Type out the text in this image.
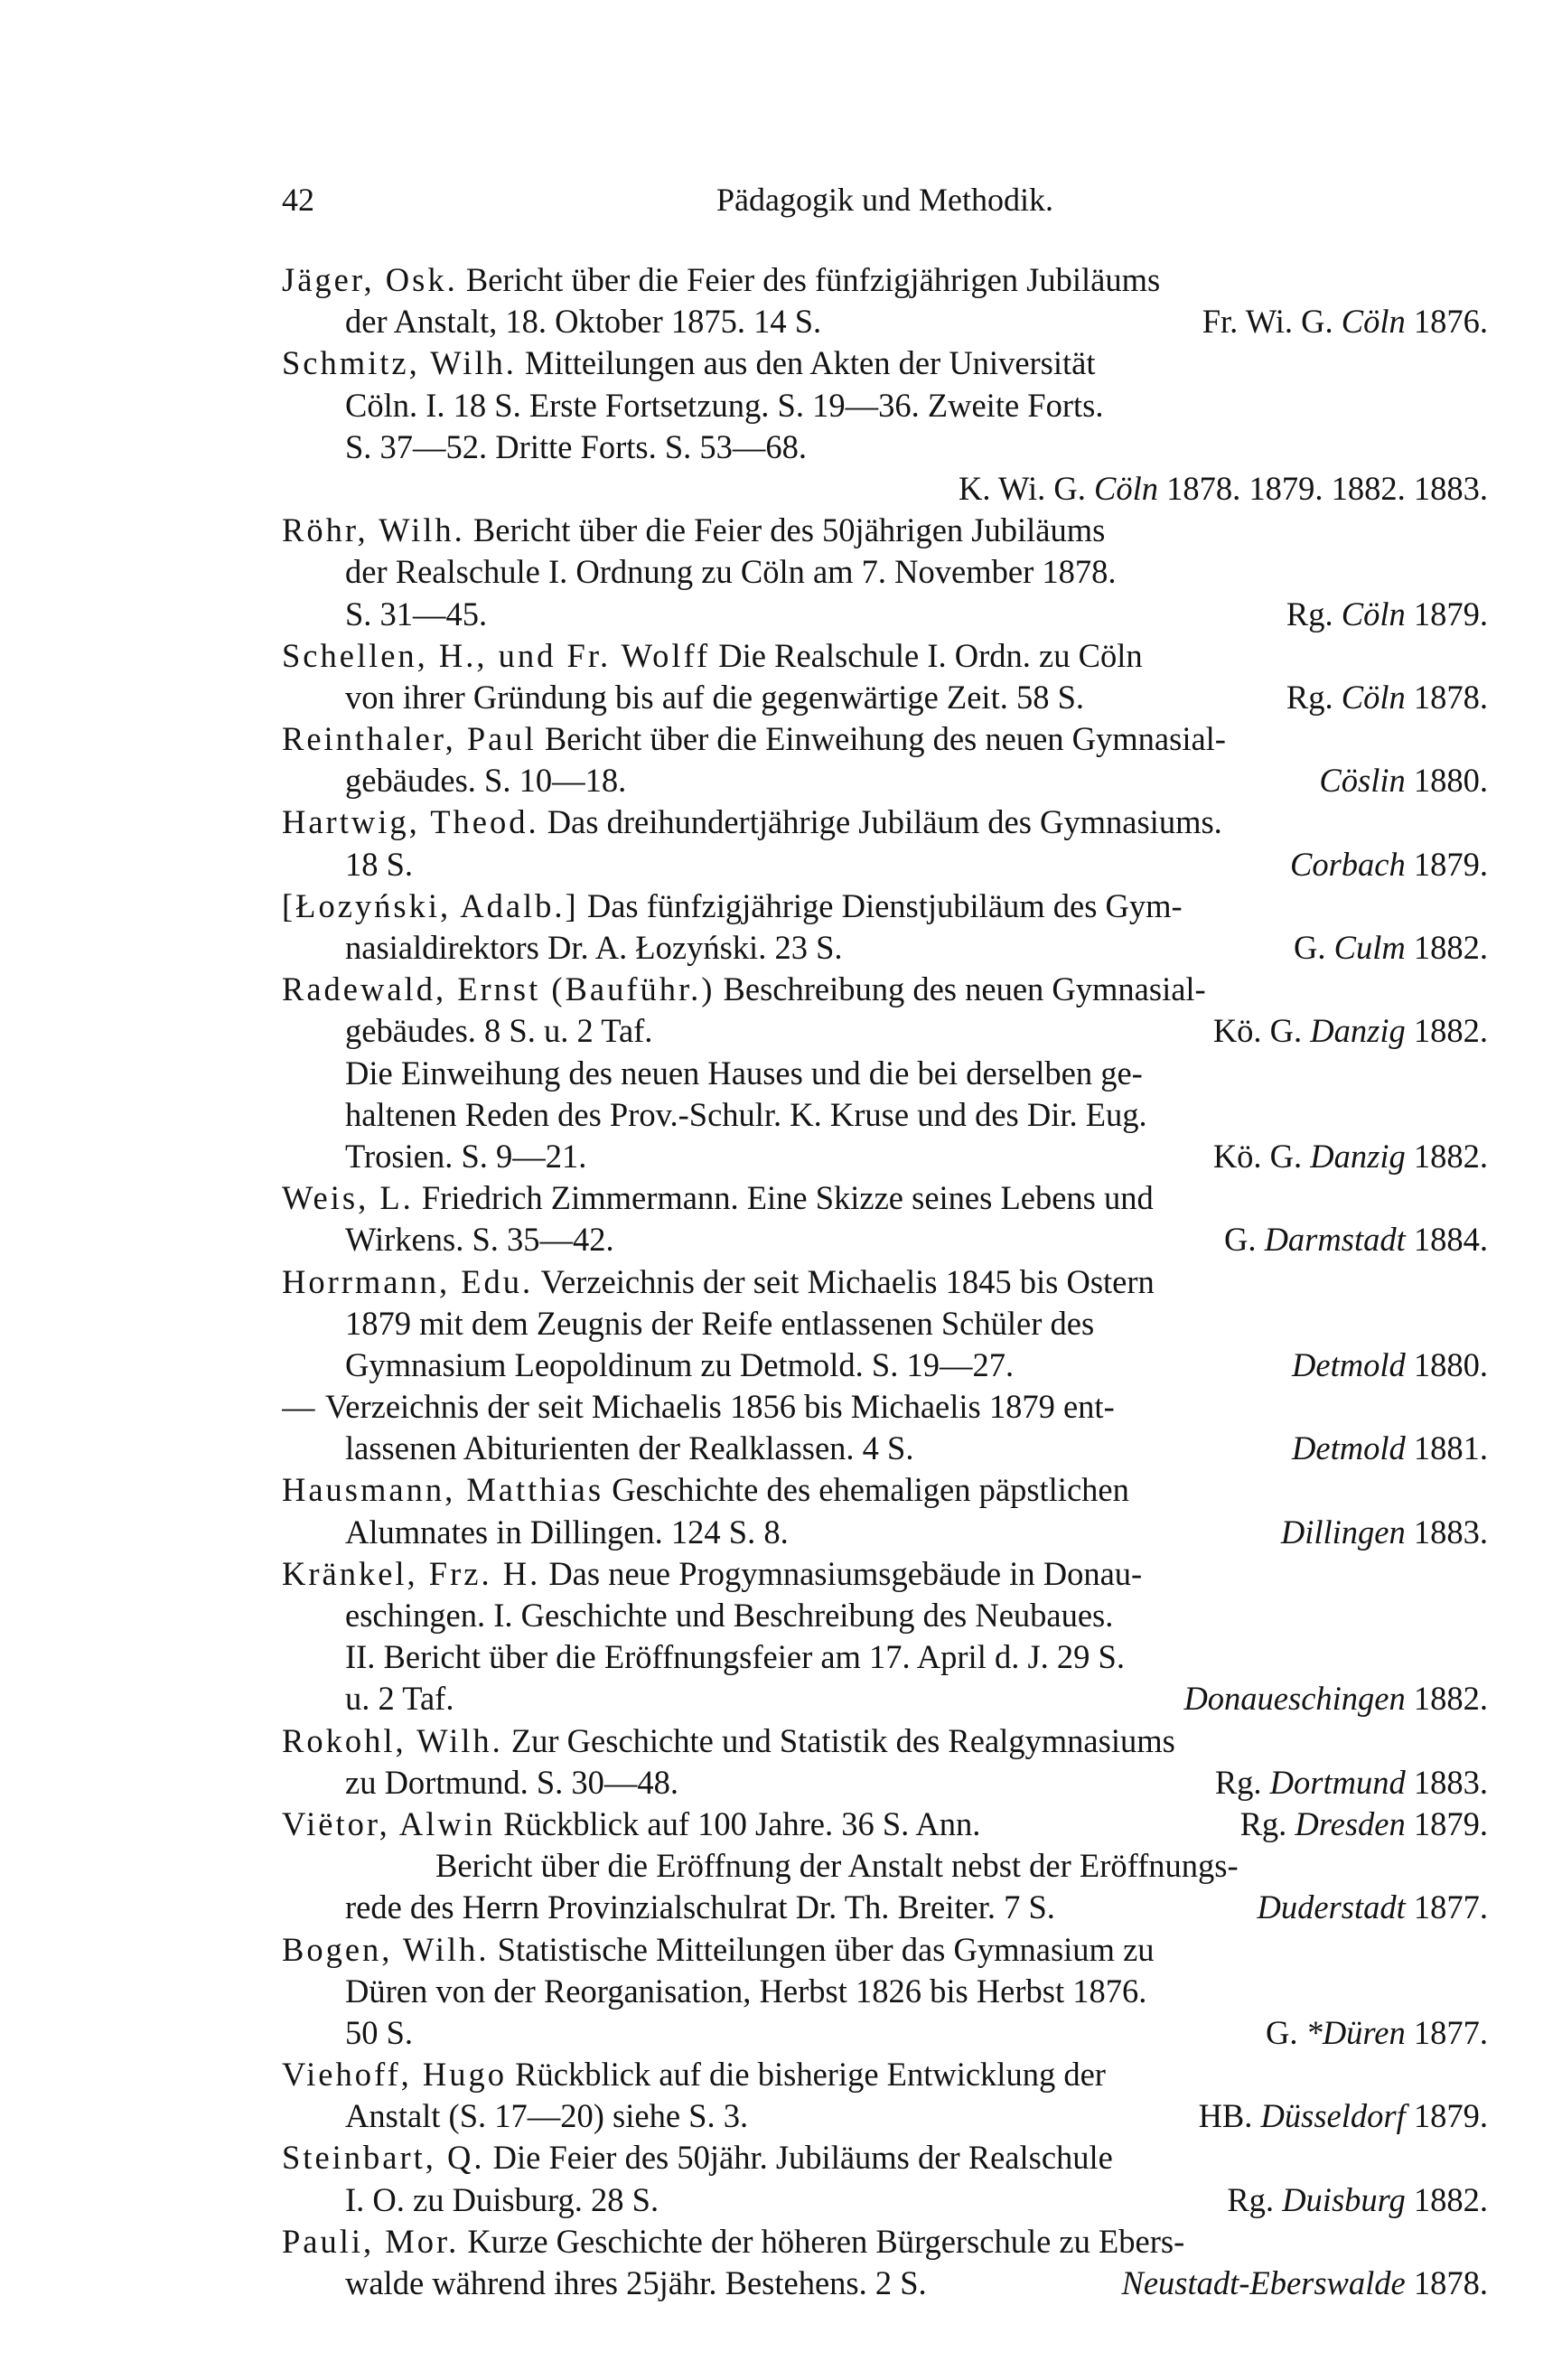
42	Pädagogik und Methodik.
Jäger, Osk. Bericht über die Feier des fünfzigjährigen Jubiläums
der Anstalt, 18. Oktober 1875. 14 S.	Fr. Wi. G. Cöln 1876.
Schmitz, Wilh. Mitteilungen aus den Akten der Universität
Cöln. I. 18 S. Erste Fortsetzung. S. 19—36. Zweite Forts.
S. 37—52. Dritte Forts. S. 53—68.
K. Wi. G. Cöln 1878. 1879. 1882. 1883.
Röhr, Wilh. Bericht über die Feier des 50jährigen Jubiläums
der Realschule I. Ordnung zu Cöln am 7. November 1878.
S. 31—45.	Rg. Cöln 1879.
Schellen, H., und Fr. Wolff Die Realschule I. Ordn. zu Cöln
von ihrer Gründung bis auf die gegenwärtige Zeit. 58 S.	Rg. Cöln 1878.
Reinthaler, Paul Bericht über die Einweihung des neuen Gymnasial-
gebäudes. S. 10—18.	Cöslin 1880.
Hartwig, Theod. Das dreihundertjährige Jubiläum des Gymnasiums.
18 S.	Corbach 1879.
[Łozyński, Adalb.] Das fünfzigjährige Dienstjubiläum des Gym-
nasialdirektors Dr. A. Łozyński. 23 S.	G. Culm 1882.
Radewald, Ernst (Bauführ.) Beschreibung des neuen Gymnasial-
gebäudes. 8 S. u. 2 Taf.	Kö. G. Danzig 1882.
Die Einweihung des neuen Hauses und die bei derselben ge-
haltenen Reden des Prov.-Schulr. K. Kruse und des Dir. Eug.
Trosien. S. 9—21.	Kö. G. Danzig 1882.
Weis, L. Friedrich Zimmermann. Eine Skizze seines Lebens und
Wirkens. S. 35—42.	G. Darmstadt 1884.
Horrmann, Edu. Verzeichnis der seit Michaelis 1845 bis Ostern
1879 mit dem Zeugnis der Reife entlassenen Schüler des
Gymnasium Leopoldinum zu Detmold. S. 19—27.	Detmold 1880.
— Verzeichnis der seit Michaelis 1856 bis Michaelis 1879 ent-
lassenen Abiturienten der Realklassen. 4 S.	Detmold 1881.
Hausmann, Matthias Geschichte des ehemaligen päpstlichen
Alumnates in Dillingen. 124 S. 8.	Dillingen 1883.
Kränkel, Frz. H. Das neue Progymnasiumsgebäude in Donau-
eschingen. I. Geschichte und Beschreibung des Neubaues.
II. Bericht über die Eröffnungsfeier am 17. April d. J. 29 S.
u. 2 Taf.	Donaueschingen 1882.
Rokohl, Wilh. Zur Geschichte und Statistik des Realgymnasiums
zu Dortmund. S. 30—48.	Rg. Dortmund 1883.
Viëtor, Alwin Rückblick auf 100 Jahre. 36 S. Ann.	Rg. Dresden 1879.
Bericht über die Eröffnung der Anstalt nebst der Eröffnungs-
rede des Herrn Provinzialschulrat Dr. Th. Breiter. 7 S.	Duderstadt 1877.
Bogen, Wilh. Statistische Mitteilungen über das Gymnasium zu
Düren von der Reorganisation, Herbst 1826 bis Herbst 1876.
50 S.	G. *Düren 1877.
Viehoff, Hugo Rückblick auf die bisherige Entwicklung der
Anstalt (S. 17—20) siehe S. 3.	HB. Düsseldorf 1879.
Steinbart, Q. Die Feier des 50jähr. Jubiläums der Realschule
I. O. zu Duisburg. 28 S.	Rg. Duisburg 1882.
Pauli, Mor. Kurze Geschichte der höheren Bürgerschule zu Ebers-
walde während ihres 25jähr. Bestehens. 2 S.	Neustadt-Eberswalde 1878.
